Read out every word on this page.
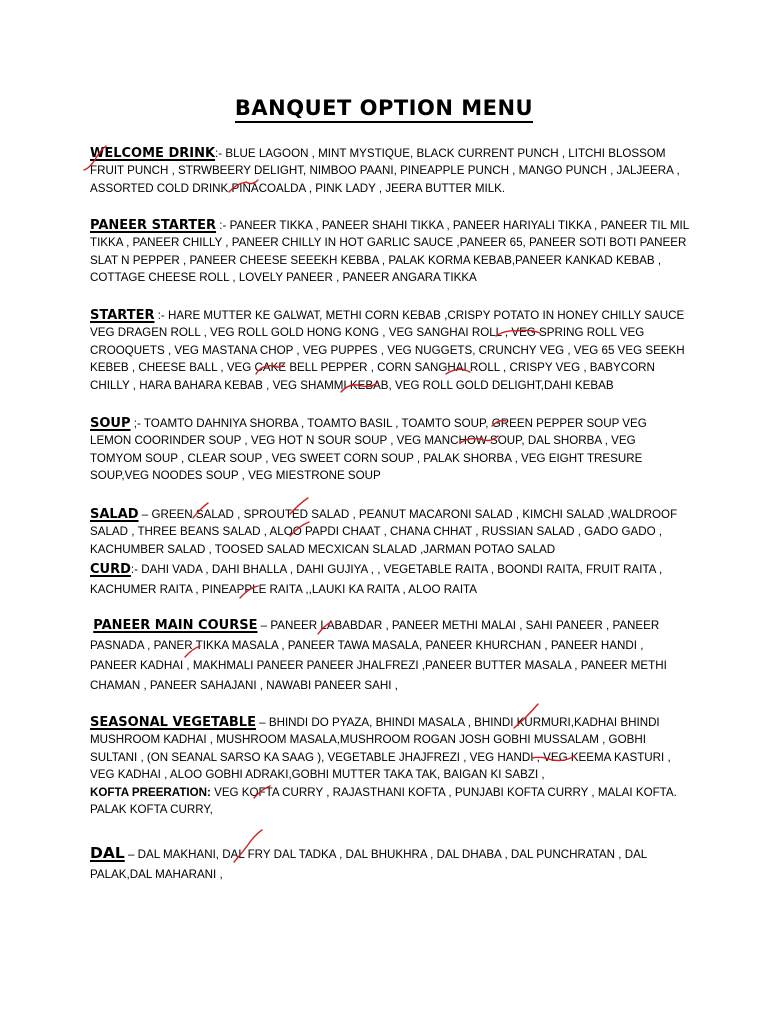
BANQUET OPTION MENU
WELCOME DRINK:- BLUE LAGOON , MINT MYSTIQUE, BLACK CURRENT PUNCH , LITCHI BLOSSOM FRUIT PUNCH , STRWBEERY DELIGHT, NIMBOO PAANI, PINEAPPLE PUNCH , MANGO PUNCH , JALJEERA , ASSORTED COLD DRINK PINACOALDA , PINK LADY , JEERA BUTTER MILK.
PANEER STARTER :- PANEER TIKKA , PANEER SHAHI TIKKA , PANEER HARIYALI TIKKA , PANEER TIL MIL TIKKA , PANEER CHILLY , PANEER CHILLY IN HOT GARLIC SAUCE ,PANEER 65, PANEER SOTI BOTI PANEER SLAT N PEPPER , PANEER CHEESE SEEEKH KEBBA , PALAK KORMA KEBAB,PANEER KANKAD KEBAB , COTTAGE CHEESE ROLL , LOVELY PANEER , PANEER ANGARA TIKKA
STARTER :- HARE MUTTER KE GALWAT, METHI CORN KEBAB ,CRISPY POTATO IN HONEY CHILLY SAUCE VEG DRAGEN ROLL , VEG ROLL GOLD HONG KONG , VEG SANGHAI ROLL , VEG SPRING ROLL VEG CROOQUETS , VEG MASTANA CHOP , VEG PUPPES , VEG NUGGETS, CRUNCHY VEG , VEG 65 VEG SEEKH KEBEB , CHEESE BALL , VEG CAKE BELL PEPPER , CORN SANGHAI ROLL , CRISPY VEG , BABYCORN CHILLY , HARA BAHARA KEBAB , VEG SHAMMI KEBAB, VEG ROLL GOLD DELIGHT,DAHI KEBAB
SOUP ;- TOAMTO DAHNIYA SHORBA , TOAMTO BASIL , TOAMTO SOUP, GREEN PEPPER SOUP VEG LEMON COORINDER SOUP , VEG HOT N SOUR SOUP , VEG MANCHOW SOUP, DAL SHORBA , VEG TOMYOM SOUP , CLEAR SOUP , VEG SWEET CORN SOUP , PALAK SHORBA , VEG EIGHT TRESURE SOUP,VEG NOODES SOUP , VEG MIESTRONE SOUP
SALAD – GREEN SALAD , SPROUTED SALAD , PEANUT MACARONI SALAD , KIMCHI SALAD ,WALDROOF SALAD , THREE BEANS SALAD , ALOO PAPDI CHAAT , CHANA CHHAT , RUSSIAN SALAD , GADO GADO , KACHUMBER SALAD , TOOSED SALAD MECXICAN SLALAD ,JARMAN POTAO SALAD
CURD:- DAHI VADA , DAHI BHALLA , DAHI GUJIYA , , VEGETABLE RAITA , BOONDI RAITA, FRUIT RAITA , KACHUMER RAITA , PINEAPPLE RAITA ,,LAUKI KA RAITA , ALOO RAITA
PANEER MAIN COURSE – PANEER LABABDAR , PANEER METHI MALAI , SAHI PANEER , PANEER PASNADA , PANER TIKKA MASALA , PANEER TAWA MASALA, PANEER KHURCHAN , PANEER HANDI , PANEER KADHAI , MAKHMALI PANEER PANEER JHALFREZI ,PANEER BUTTER MASALA , PANEER METHI CHAMAN , PANEER SAHAJANI , NAWABI PANEER SAHI ,
SEASONAL VEGETABLE – BHINDI DO PYAZA, BHINDI MASALA , BHINDI KURMURI,KADHAI BHINDI MUSHROOM KADHAI , MUSHROOM MASALA,MUSHROOM ROGAN JOSH GOBHI MUSSALAM , GOBHI SULTANI , (ON SEANAL SARSO KA SAAG ), VEGETABLE JHAJFREZI , VEG HANDI , VEG KEEMA KASTURI , VEG KADHAI , ALOO GOBHI ADRAKI,GOBHI MUTTER TAKA TAK, BAIGAN KI SABZI ,
KOFTA PREERATION: VEG KOFTA CURRY , RAJASTHANI KOFTA , PUNJABI KOFTA CURRY , MALAI KOFTA. PALAK KOFTA CURRY,
DAL – DAL MAKHANI, DAL FRY DAL TADKA , DAL BHUKHRA , DAL DHABA , DAL PUNCHRATAN , DAL PALAK,DAL MAHARANI ,
